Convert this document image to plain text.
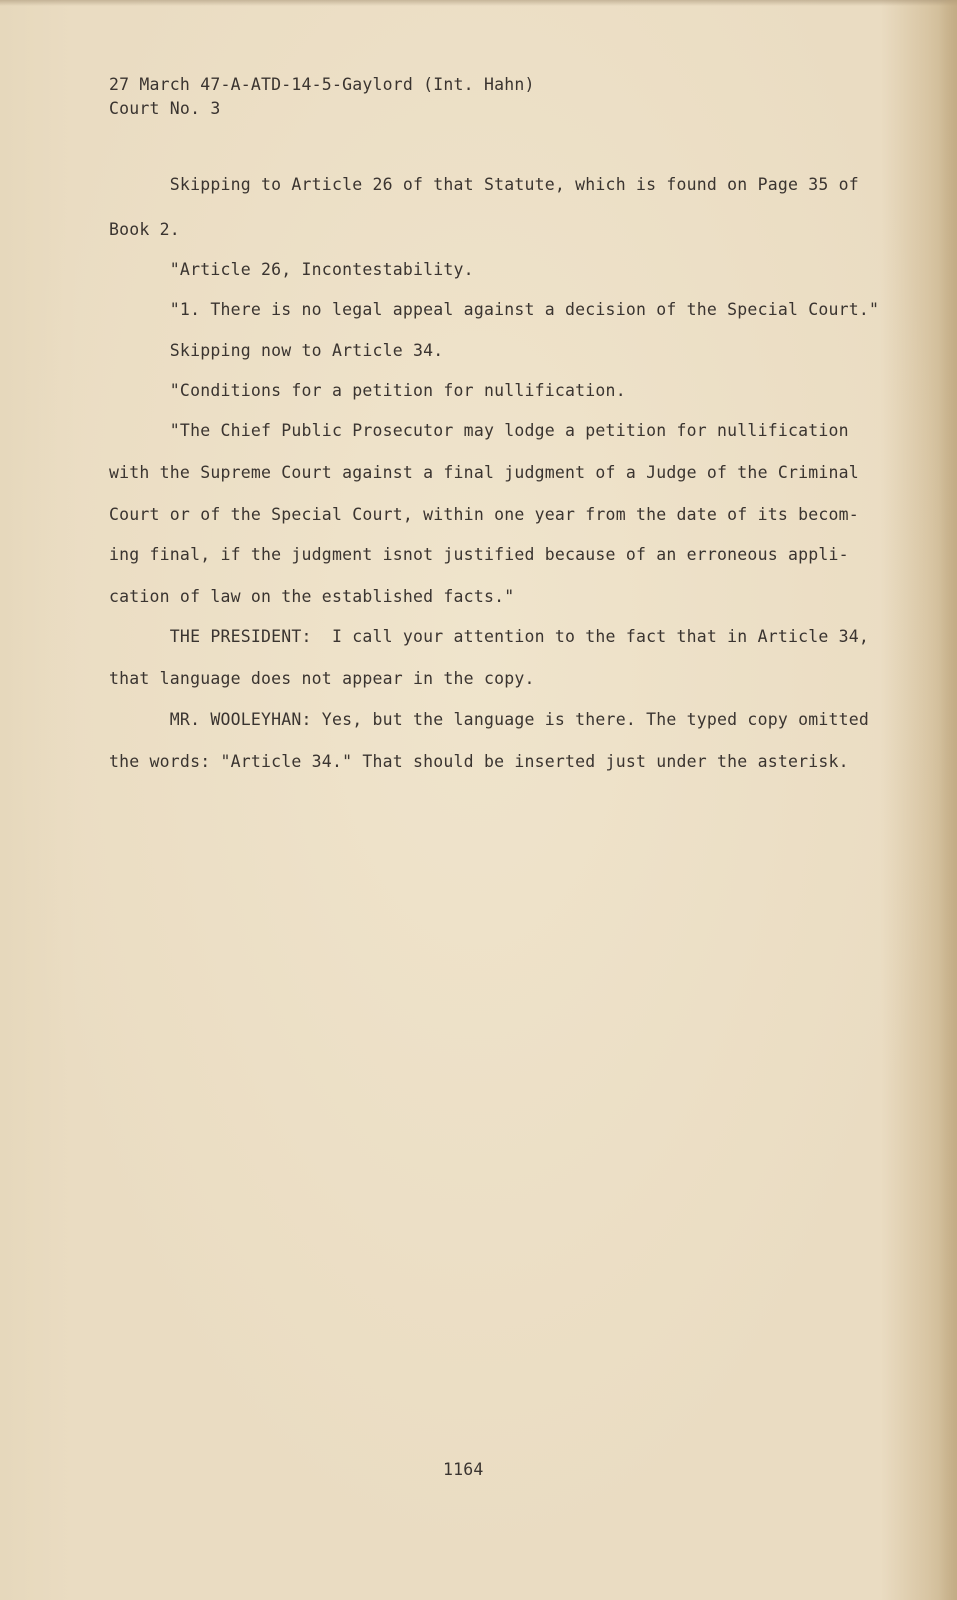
27 March 47-A-ATD-14-5-Gaylord (Int. Hahn)
Court No. 3
Skipping to Article 26 of that Statute, which is found on Page 35 of
Book 2.
"Article 26, Incontestability.
"1. There is no legal appeal against a decision of the Special Court."
Skipping now to Article 34.
"Conditions for a petition for nullification.
"The Chief Public Prosecutor may lodge a petition for nullification
with the Supreme Court against a final judgment of a Judge of the Criminal
Court or of the Special Court, within one year from the date of its becom-
ing final, if the judgment isnot justified because of an erroneous appli-
cation of law on the established facts."
THE PRESIDENT:  I call your attention to the fact that in Article 34,
that language does not appear in the copy.
MR. WOOLEYHAN: Yes, but the language is there. The typed copy omitted
the words: "Article 34." That should be inserted just under the asterisk.
1164
